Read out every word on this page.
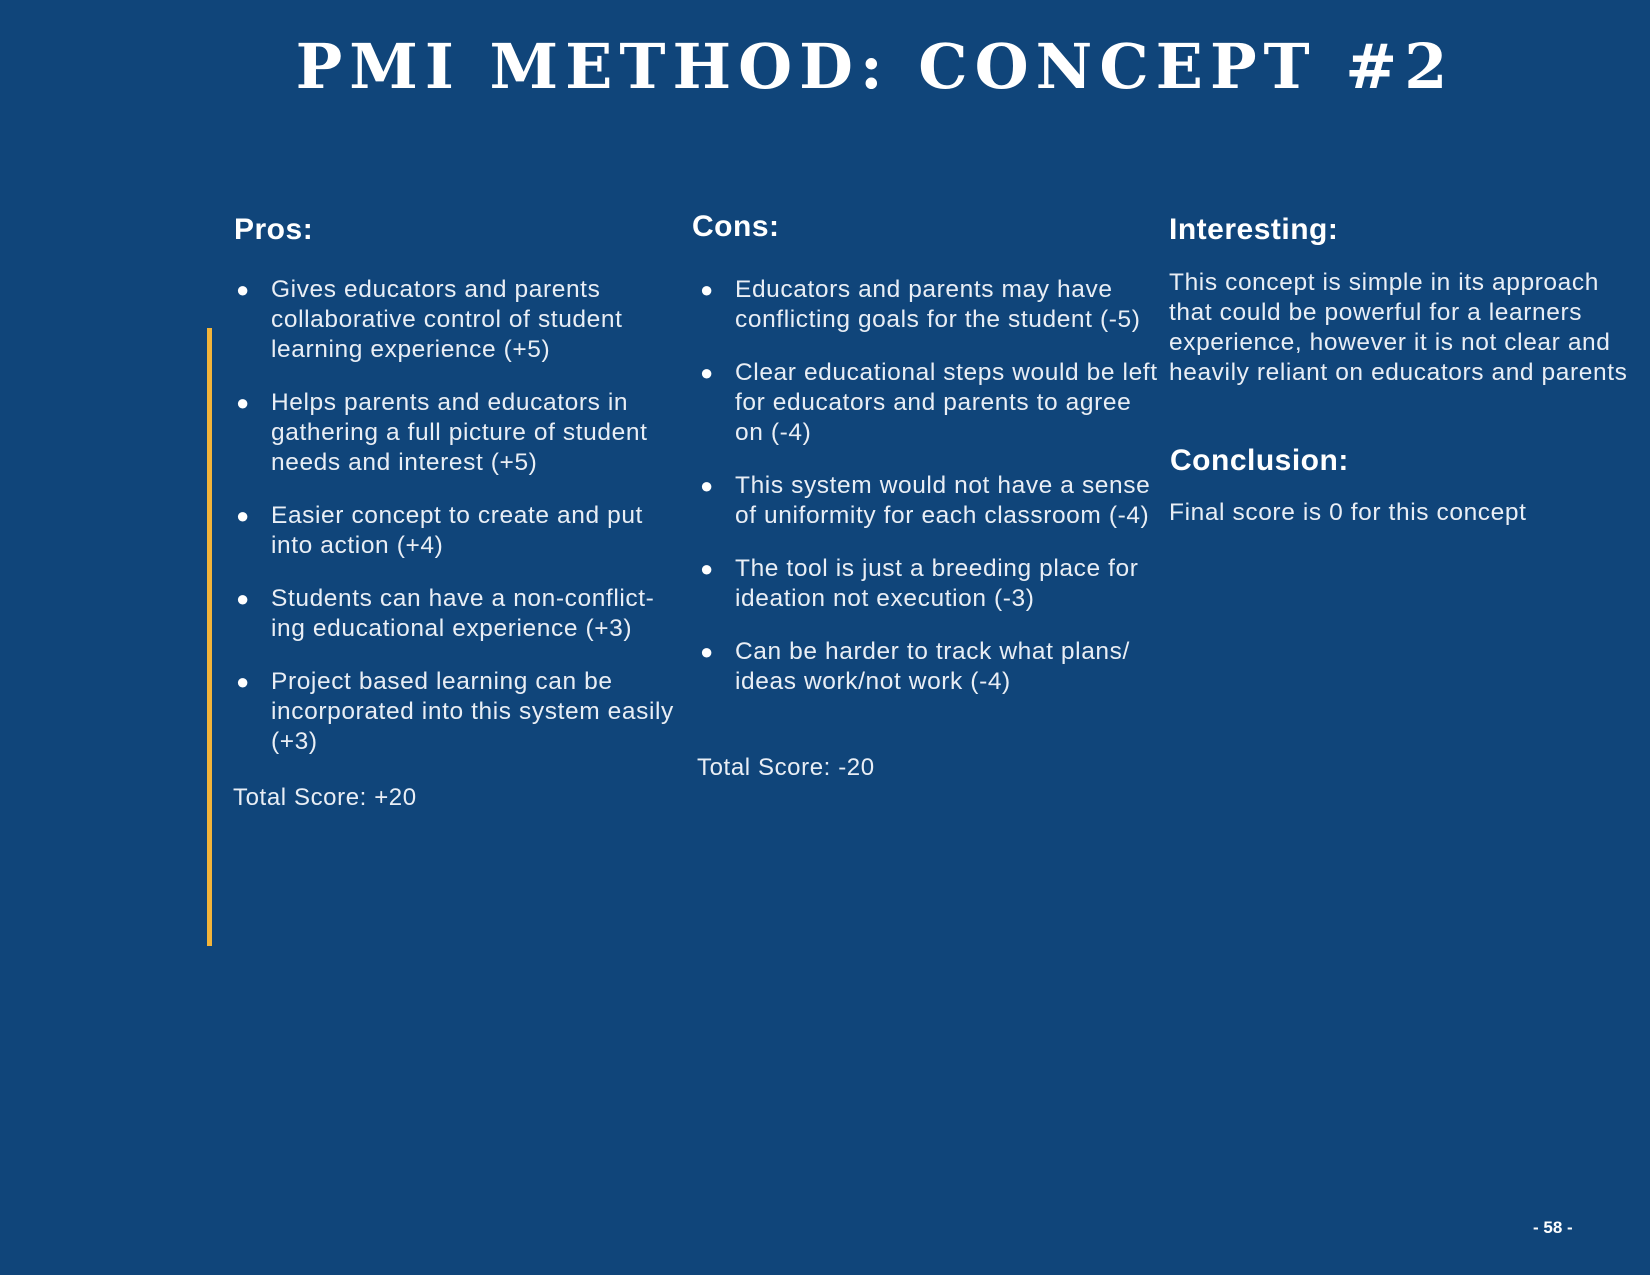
PMI METHOD: CONCEPT #2
Pros:
● Gives educators and parents collaborative control of student learning experience (+5)
● Helps parents and educators in gathering a full picture of student needs and interest (+5)
● Easier concept to create and put into action (+4)
● Students can have a non-conflict-ing educational experience (+3)
● Project based learning can be incorporated into this system easily (+3)

Total Score: +20

Cons:
● Educators and parents may have conflicting goals for the student (-5)
● Clear educational steps would be left for educators and parents to agree on (-4)
● This system would not have a sense of uniformity for each classroom (-4)
● The tool is just a breeding place for ideation not execution (-3)
● Can be harder to track what plans/ ideas work/not work (-4)

Total Score: -20

Interesting:

This concept is simple in its approach that could be powerful for a learners experience, however it is not clear and heavily reliant on educators and parents

Conclusion:

Final score is 0 for this concept

- 58 -
